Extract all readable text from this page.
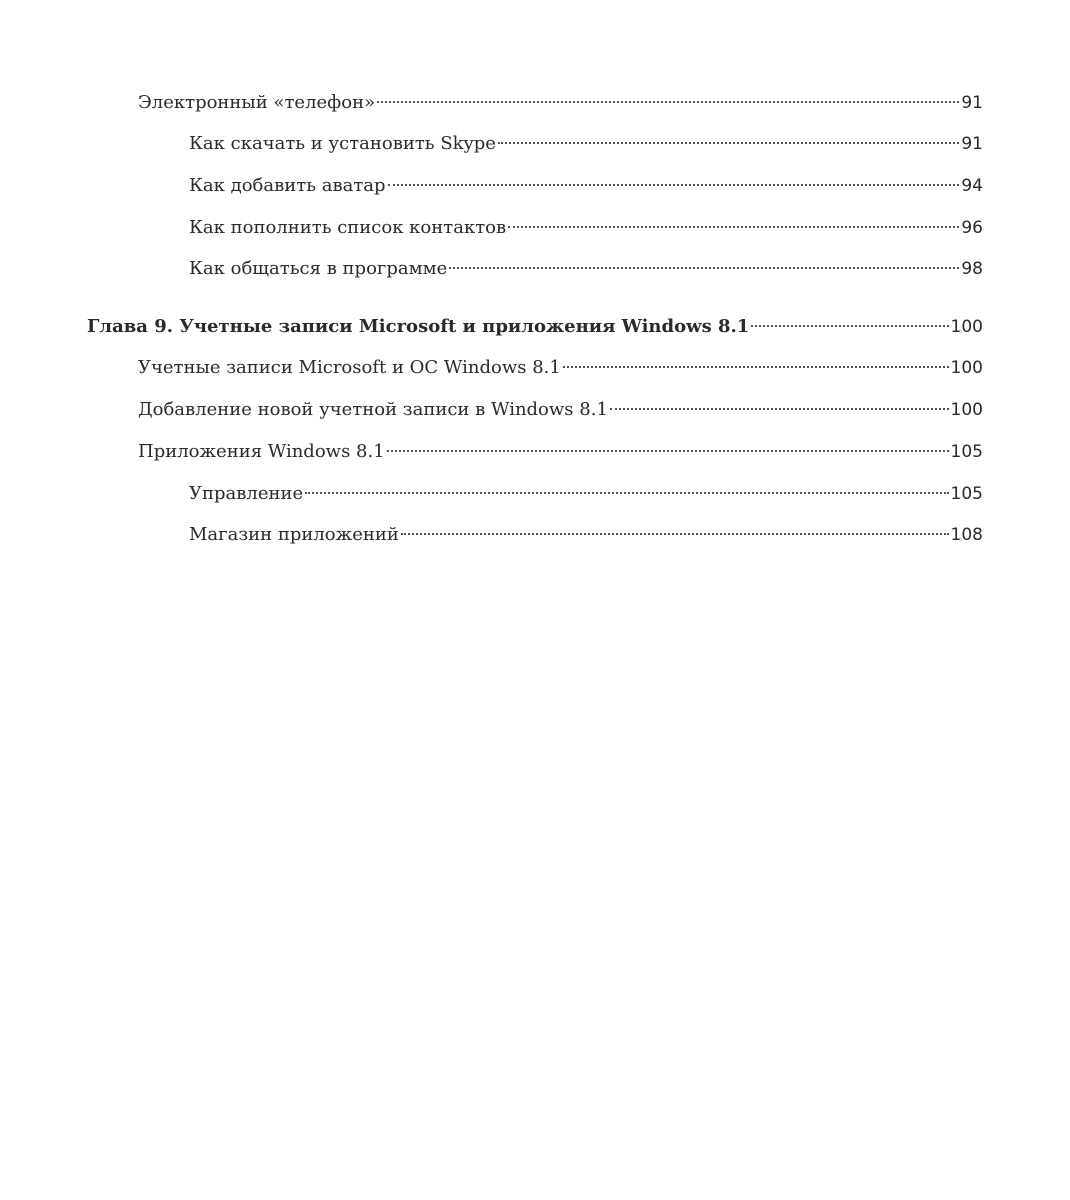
Электронный «телефон»	91
Как скачать и установить Skype	91
Как добавить аватар	94
Как пополнить список контактов	96
Как общаться в программе	98
Глава 9. Учетные записи Microsoft и приложения Windows 8.1	100
Учетные записи Microsoft и ОС Windows 8.1	100
Добавление новой учетной записи в Windows 8.1	100
Приложения Windows 8.1	105
Управление	105
Магазин приложений	108
